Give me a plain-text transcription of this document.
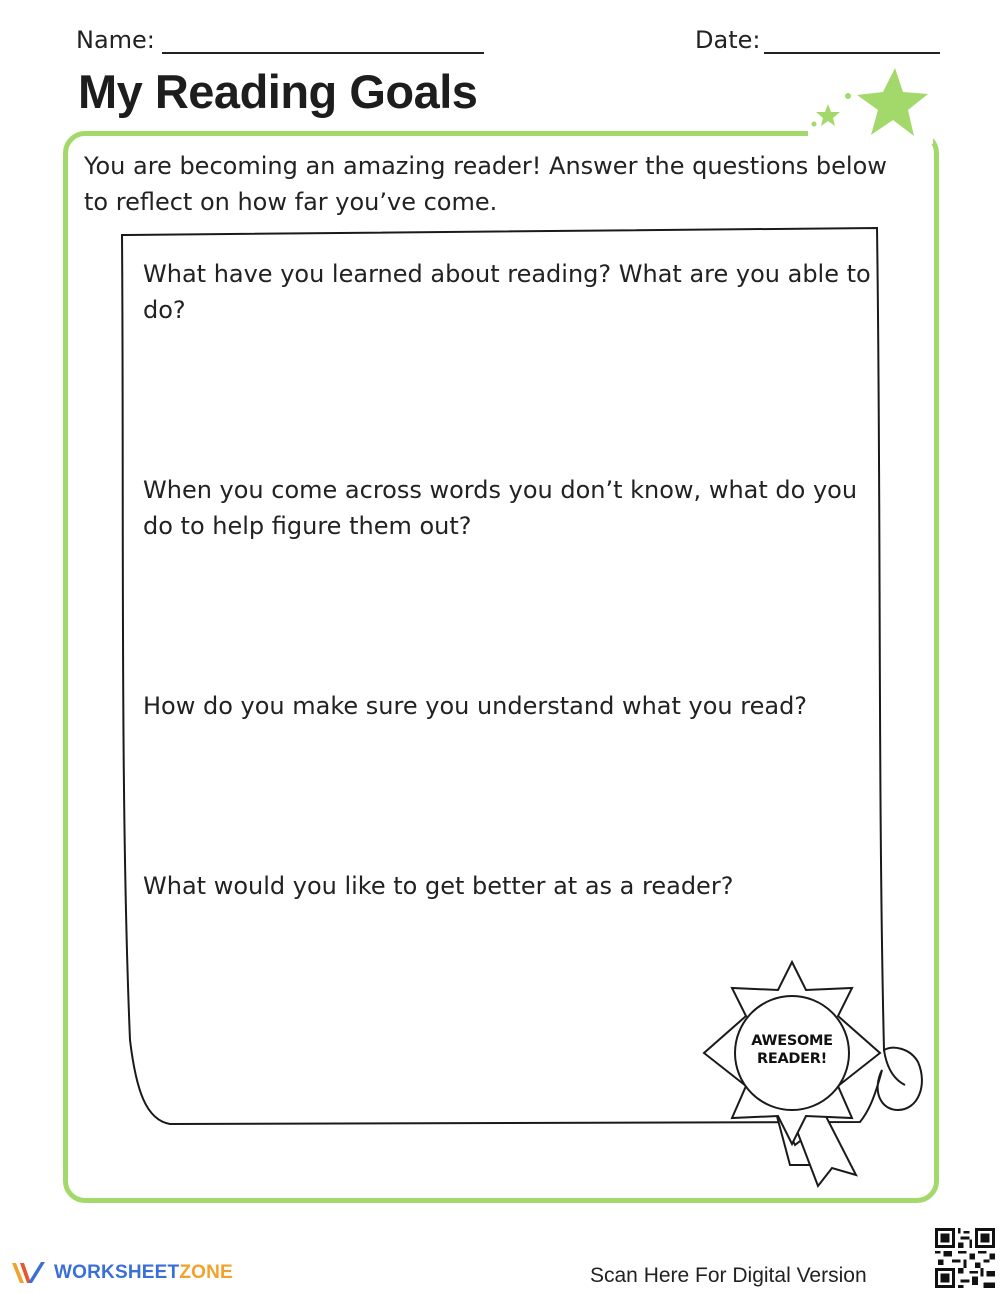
Name:	Date:
My Reading Goals

You are becoming an amazing reader! Answer the questions below to reflect on how far you’ve come.

What have you learned about reading? What are you able to do?

When you come across words you don’t know, what do you do to help figure them out?

How do you make sure you understand what you read?

What would you like to get better at as a reader?

AWESOME
READER!
WORKSHEETZONE	Scan Here For Digital Version
